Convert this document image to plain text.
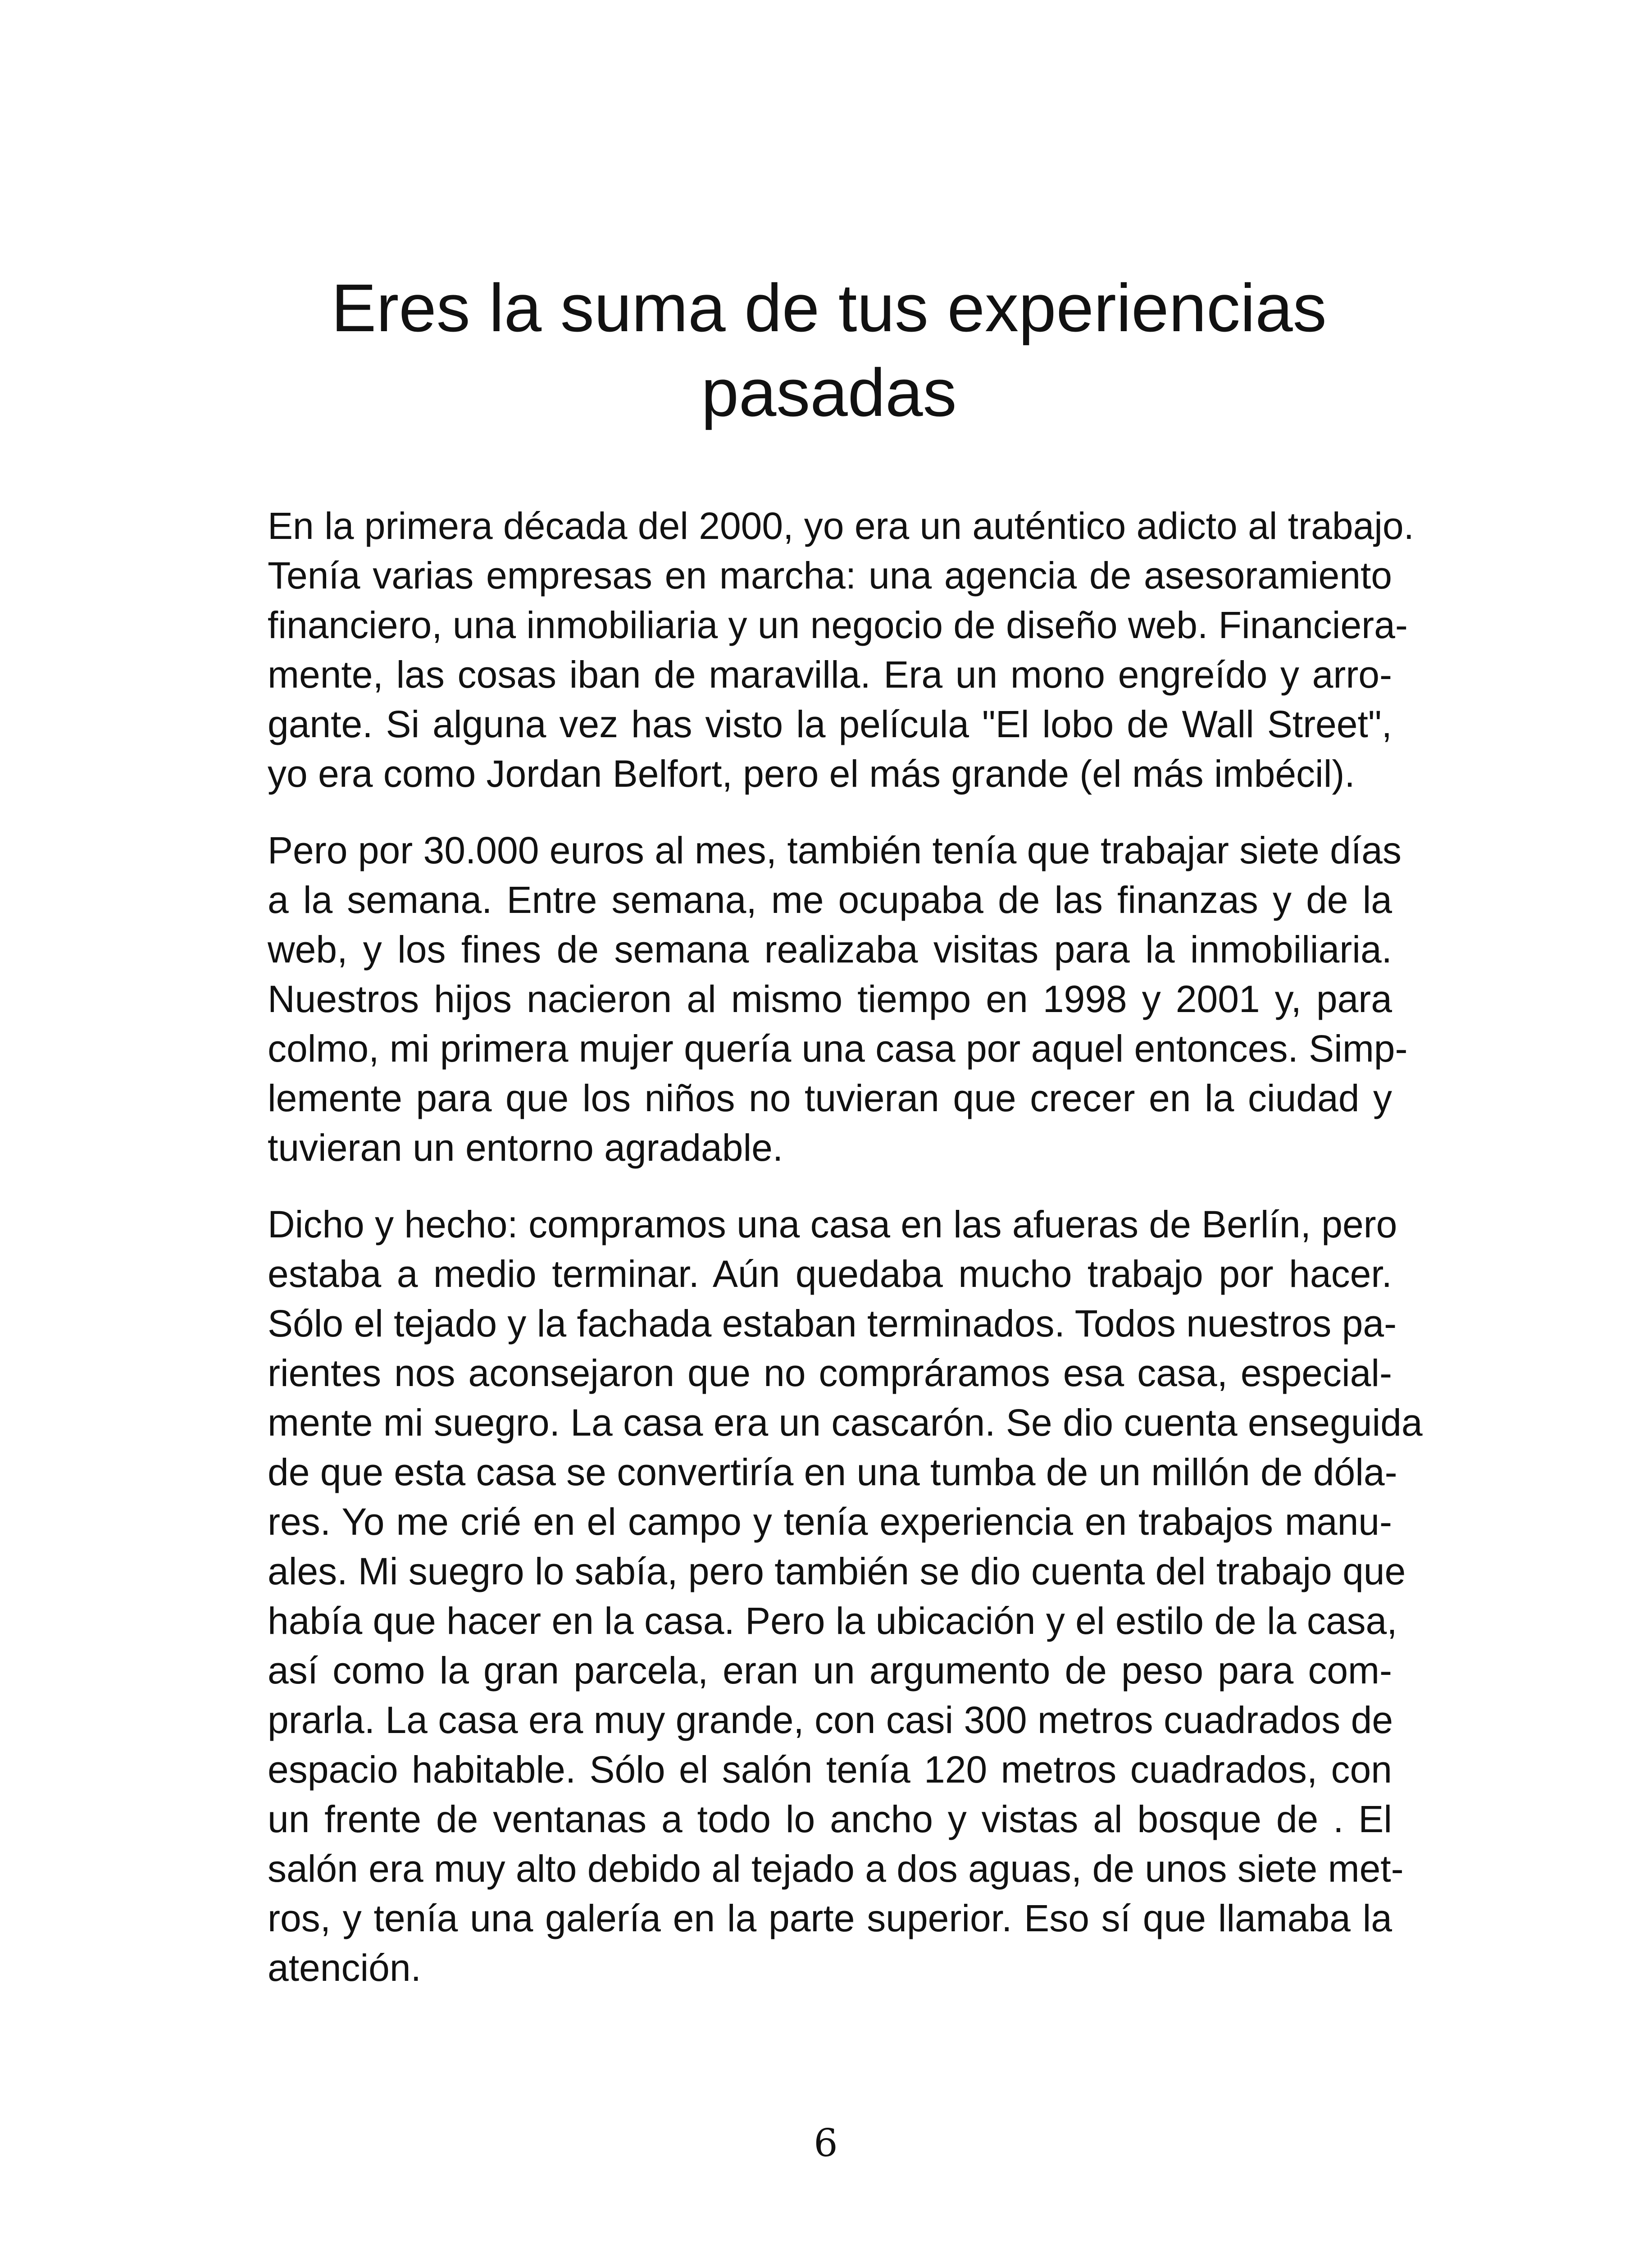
Eres la suma de tus experiencias
pasadas

En la primera década del 2000, yo era un auténtico adicto al trabajo.
Tenía varias empresas en marcha: una agencia de asesoramiento
financiero, una inmobiliaria y un negocio de diseño web. Financiera-
mente, las cosas iban de maravilla. Era un mono engreído y arro-
gante. Si alguna vez has visto la película "El lobo de Wall Street",
yo era como Jordan Belfort, pero el más grande (el más imbécil).

Pero por 30.000 euros al mes, también tenía que trabajar siete días
a la semana. Entre semana, me ocupaba de las finanzas y de la
web, y los fines de semana realizaba visitas para la inmobiliaria.
Nuestros hijos nacieron al mismo tiempo en 1998 y 2001 y, para
colmo, mi primera mujer quería una casa por aquel entonces. Simp-
lemente para que los niños no tuvieran que crecer en la ciudad y
tuvieran un entorno agradable.

Dicho y hecho: compramos una casa en las afueras de Berlín, pero
estaba a medio terminar. Aún quedaba mucho trabajo por hacer.
Sólo el tejado y la fachada estaban terminados. Todos nuestros pa-
rientes nos aconsejaron que no compráramos esa casa, especial-
mente mi suegro. La casa era un cascarón. Se dio cuenta enseguida
de que esta casa se convertiría en una tumba de un millón de dóla-
res. Yo me crié en el campo y tenía experiencia en trabajos manu-
ales. Mi suegro lo sabía, pero también se dio cuenta del trabajo que
había que hacer en la casa. Pero la ubicación y el estilo de la casa,
así como la gran parcela, eran un argumento de peso para com-
prarla. La casa era muy grande, con casi 300 metros cuadrados de
espacio habitable. Sólo el salón tenía 120 metros cuadrados, con
un frente de ventanas a todo lo ancho y vistas al bosque de . El
salón era muy alto debido al tejado a dos aguas, de unos siete met-
ros, y tenía una galería en la parte superior. Eso sí que llamaba la
atención.

6
